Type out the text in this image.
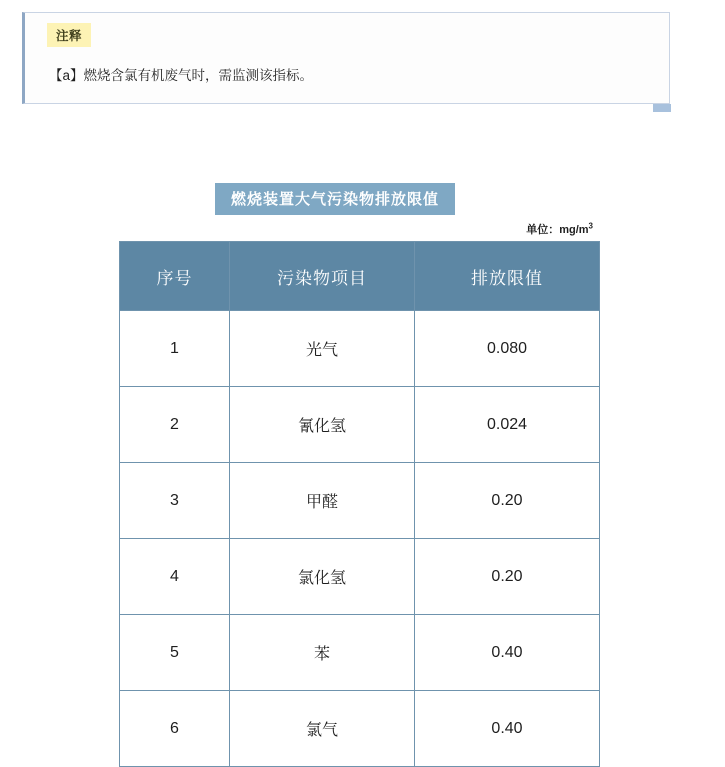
注释
【a】燃烧含氯有机废气时，需监测该指标。
燃烧装置大气污染物排放限值
单位：$mg/m^3$
序号	污染物项目	排放限值
1	光气	0.080
2	氰化氢	0.024
3	甲醛	0.20
4	氯化氢	0.20
5	苯	0.40
6	氯气	0.40
